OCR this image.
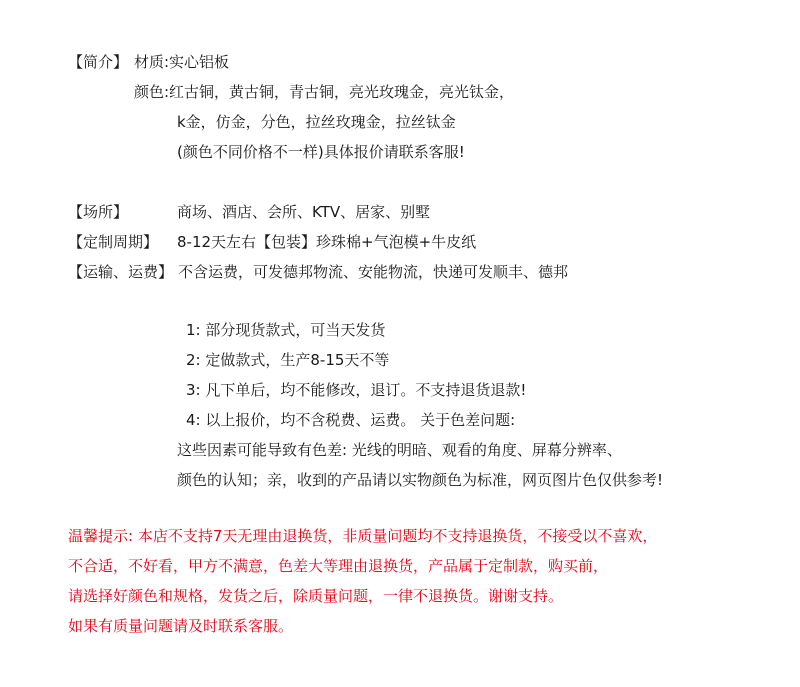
【简介】 材质:实心铝板
颜色:红古铜，黄古铜，青古铜，亮光玫瑰金，亮光钛金，
k金，仿金，分色，拉丝玫瑰金，拉丝钛金
(颜色不同价格不一样)具体报价请联系客服!
【场所】	商场、酒店、会所、KTV、居家、别墅
【定制周期】 8-12天左右【包装】珍珠棉+气泡模+牛皮纸
【运输、运费】 不含运费，可发德邦物流、安能物流，快递可发顺丰、德邦
1: 部分现货款式，可当天发货
2: 定做款式，生产8-15天不等
3: 凡下单后，均不能修改，退订。不支持退货退款!
4: 以上报价，均不含税费、运费。 关于色差问题:
这些因素可能导致有色差: 光线的明暗、观看的角度、屏幕分辨率、
颜色的认知；亲，收到的产品请以实物颜色为标准，网页图片色仅供参考!
温馨提示: 本店不支持7天无理由退换货，非质量问题均不支持退换货，不接受以不喜欢，
不合适，不好看，甲方不满意，色差大等理由退换货，产品属于定制款，购买前，
请选择好颜色和规格，发货之后，除质量问题，一律不退换货。谢谢支持。
如果有质量问题请及时联系客服。
